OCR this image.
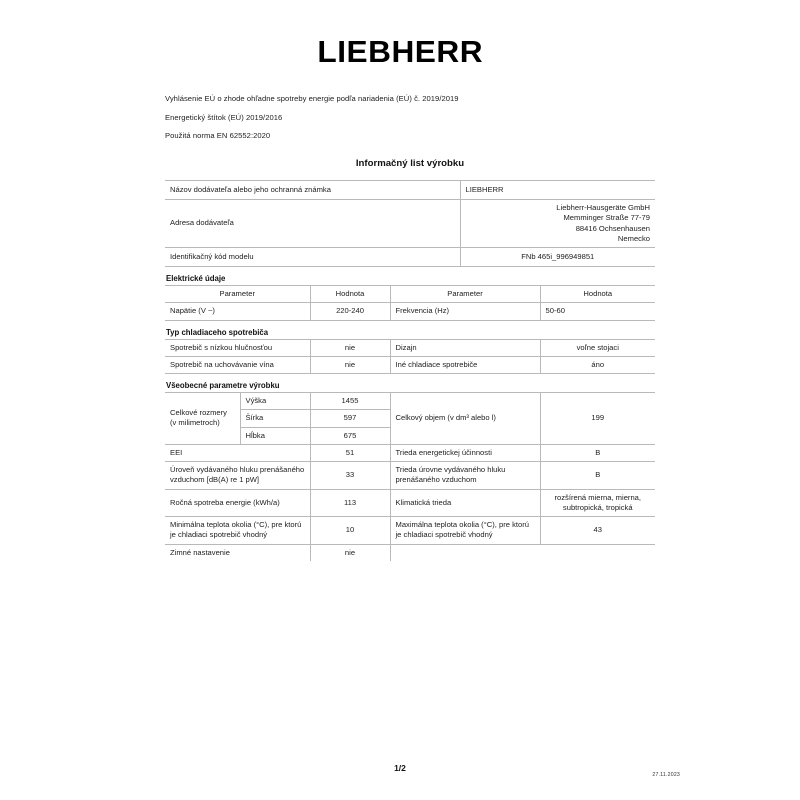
LIEBHERR
Vyhlásenie EÚ o zhode ohľadne spotreby energie podľa nariadenia (EÚ) č. 2019/2019
Energetický štítok (EÚ) 2019/2016
Použitá norma EN 62552:2020
Informačný list výrobku
Názov dodávateľa alebo jeho ochranná známka	LIEBHERR
Adresa dodávateľa	Liebherr-Hausgeräte GmbH
Memminger Straße 77-79
88416 Ochsenhausen
Nemecko

Identifikačný kód modelu	FNb 465i_996949851
Elektrické údaje
Parameter	Hodnota	Parameter	Hodnota
Napätie (V ~)	220-240	Frekvencia (Hz)	50-60
Typ chladiaceho spotrebiča
Spotrebič s nízkou hlučnosťou	nie	Dizajn	voľne stojaci
Spotrebič na uchovávanie vína	nie	Iné chladiace spotrebiče	áno
Všeobecné parametre výrobku
Celkové rozmery (v milimetroch)	Výška	1455	Celkový objem (v dm³ alebo l)	199
	Šírka	597		
	Hĺbka	675		
EEI		51	Trieda energetickej účinnosti	B
Úroveň vydávaného hluku prenášaného vzduchom [dB(A) re 1 pW]		33	Trieda úrovne vydávaného hluku prenášaného vzduchom	B
Ročná spotreba energie (kWh/a)		113	Klimatická trieda	rozšírená mierna, mierna, subtropická, tropická
Minimálna teplota okolia (°C), pre ktorú je chladiaci spotrebič vhodný		10	Maximálna teplota okolia (°C), pre ktorú je chladiaci spotrebič vhodný	43
Zimné nastavenie		nie		
1/2
27.11.2023
